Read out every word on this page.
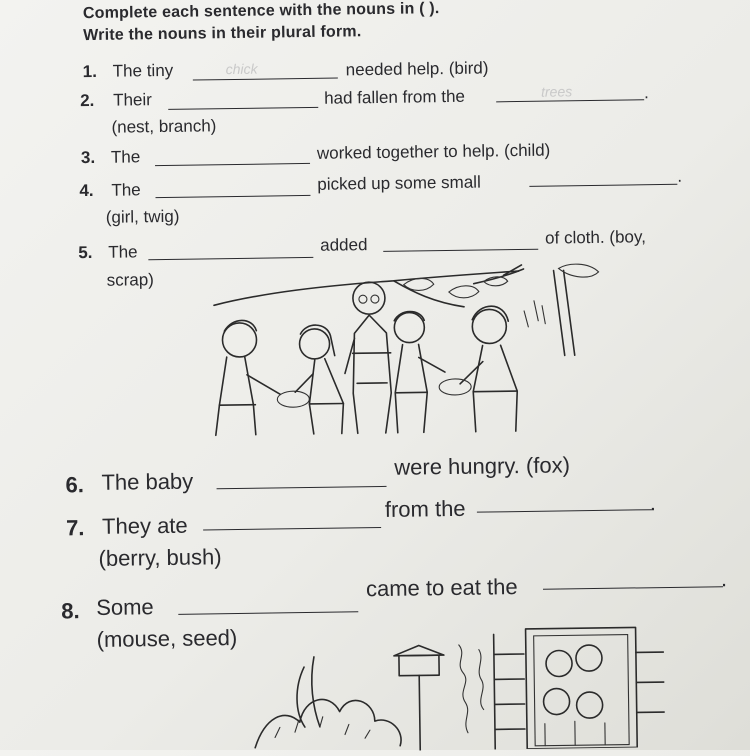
Complete each sentence with the nouns in ( ).
Write the nouns in their plural form.
1. The tiny	chick	needed help. (bird)
2. Their	had fallen from the	trees	.
(nest, branch)
3. The	worked together to help. (child)
4. The	picked up some small	.
(girl, twig)
5. The	added	of cloth. (boy,
scrap)
6. The baby
were hungry. (fox)
7. They ate
from the	.
(berry, bush)
8. Some
came to eat the	.
(mouse, seed)
